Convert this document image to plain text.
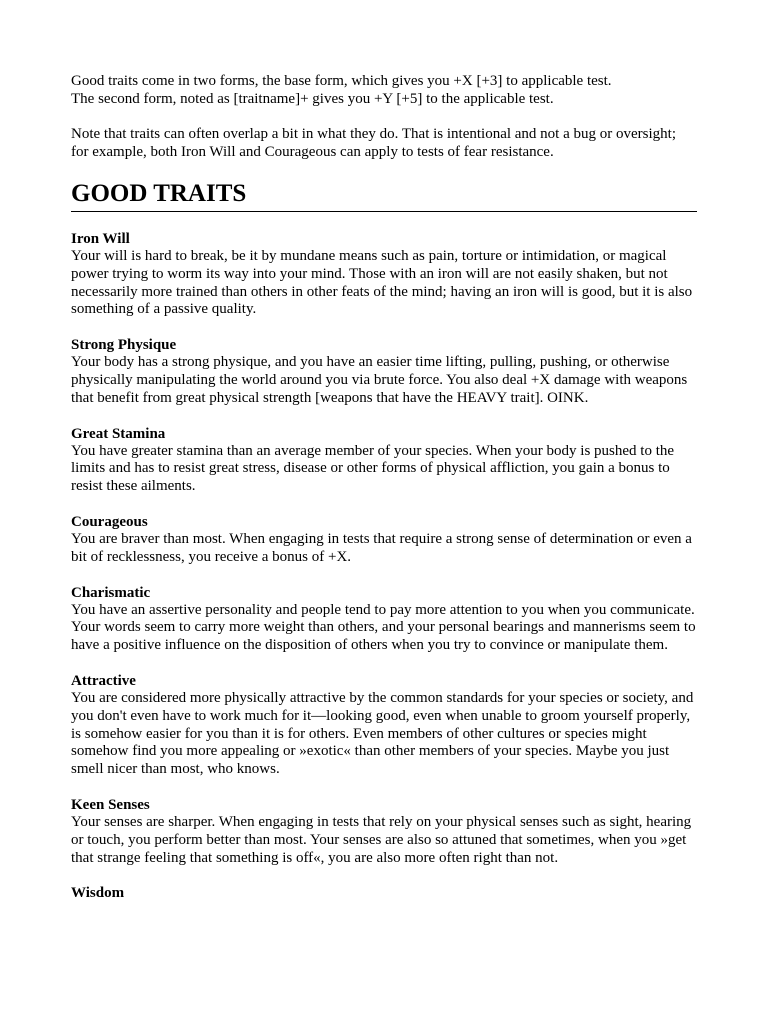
Good traits come in two forms, the base form, which gives you +X [+3] to applicable test.

The second form, noted as [traitname]+ gives you +Y [+5] to the applicable test.

Note that traits can often overlap a bit in what they do. That is intentional and not a bug or oversight; for example, both Iron Will and Courageous can apply to tests of fear resistance.

GOOD TRAITS

Iron Will

Your will is hard to break, be it by mundane means such as pain, torture or intimidation, or magical power trying to worm its way into your mind. Those with an iron will are not easily shaken, but not necessarily more trained than others in other feats of the mind; having an iron will is good, but it is also something of a passive quality.

Strong Physique

Your body has a strong physique, and you have an easier time lifting, pulling, pushing, or otherwise physically manipulating the world around you via brute force. You also deal +X damage with weapons that benefit from great physical strength [weapons that have the HEAVY trait]. OINK.

Great Stamina

You have greater stamina than an average member of your species. When your body is pushed to the limits and has to resist great stress, disease or other forms of physical affliction, you gain a bonus to resist these ailments.

Courageous

You are braver than most. When engaging in tests that require a strong sense of determination or even a bit of recklessness, you receive a bonus of +X.

Charismatic

You have an assertive personality and people tend to pay more attention to you when you communicate. Your words seem to carry more weight than others, and your personal bearings and mannerisms seem to have a positive influence on the disposition of others when you try to convince or manipulate them.

Attractive

You are considered more physically attractive by the common standards for your species or society, and you don't even have to work much for it—looking good, even when unable to groom yourself properly, is somehow easier for you than it is for others. Even members of other cultures or species might somehow find you more appealing or »exotic« than other members of your species. Maybe you just smell nicer than most, who knows.

Keen Senses

Your senses are sharper. When engaging in tests that rely on your physical senses such as sight, hearing or touch, you perform better than most. Your senses are also so attuned that sometimes, when you »get that strange feeling that something is off«, you are also more often right than not.

Wisdom
